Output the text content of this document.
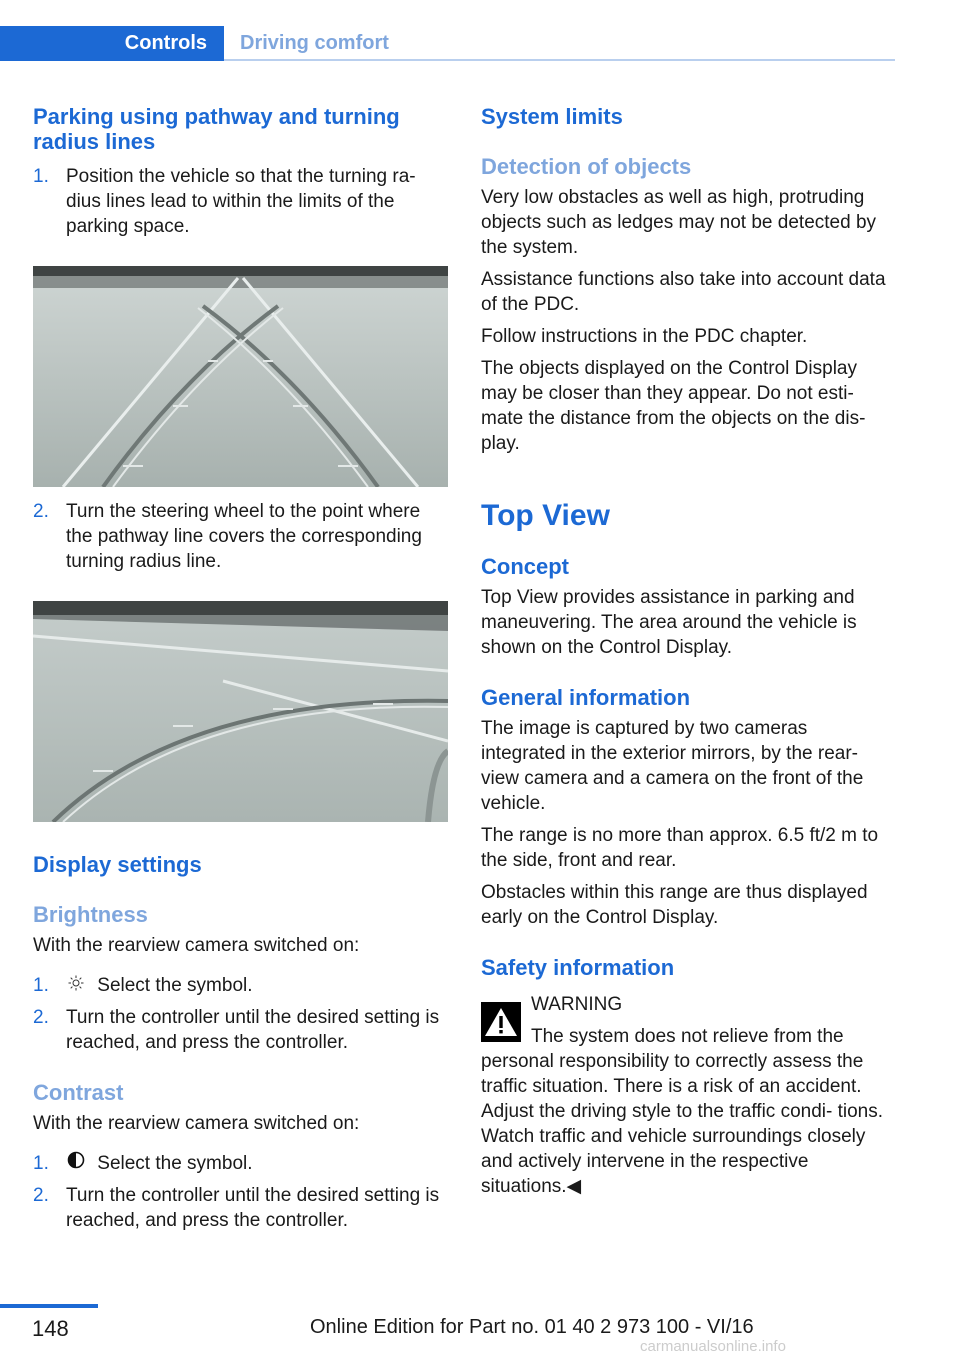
Controls Driving comfort
Parking using pathway and turning radius lines
1. Position the vehicle so that the turning ra‐ dius lines lead to within the limits of the parking space.
2. Turn the steering wheel to the point where the pathway line covers the corresponding turning radius line.
Display settings
Brightness

With the rearview camera switched on:

1.	Select the symbol.
2. Turn the controller until the desired setting is reached, and press the controller.
Contrast

With the rearview camera switched on:

1.	Select the symbol.
2. Turn the controller until the desired setting is reached, and press the controller.
System limits
Detection of objects

Very low obstacles as well as high, protruding objects such as ledges may not be detected by the system.

Assistance functions also take into account data of the PDC.

Follow instructions in the PDC chapter.

The objects displayed on the Control Display may be closer than they appear. Do not esti‐ mate the distance from the objects on the dis‐ play.

Top View
Concept

Top View provides assistance in parking and maneuvering. The area around the vehicle is shown on the Control Display.

General information

The image is captured by two cameras integrated in the exterior mirrors, by the rear‐ view camera and a camera on the front of the vehicle.

The range is no more than approx. 6.5 ft/2 m to the side, front and rear.

Obstacles within this range are thus displayed early on the Control Display.

Safety information

WARNING

The system does not relieve from the personal responsibility to correctly assess the traffic situation. There is a risk of an accident. Adjust the driving style to the traffic condi‐ tions. Watch traffic and vehicle surroundings closely and actively intervene in the respective situations.◀

148	Online Edition for Part no. 01 40 2 973 100 - VI/16
carmanualsonline.info
